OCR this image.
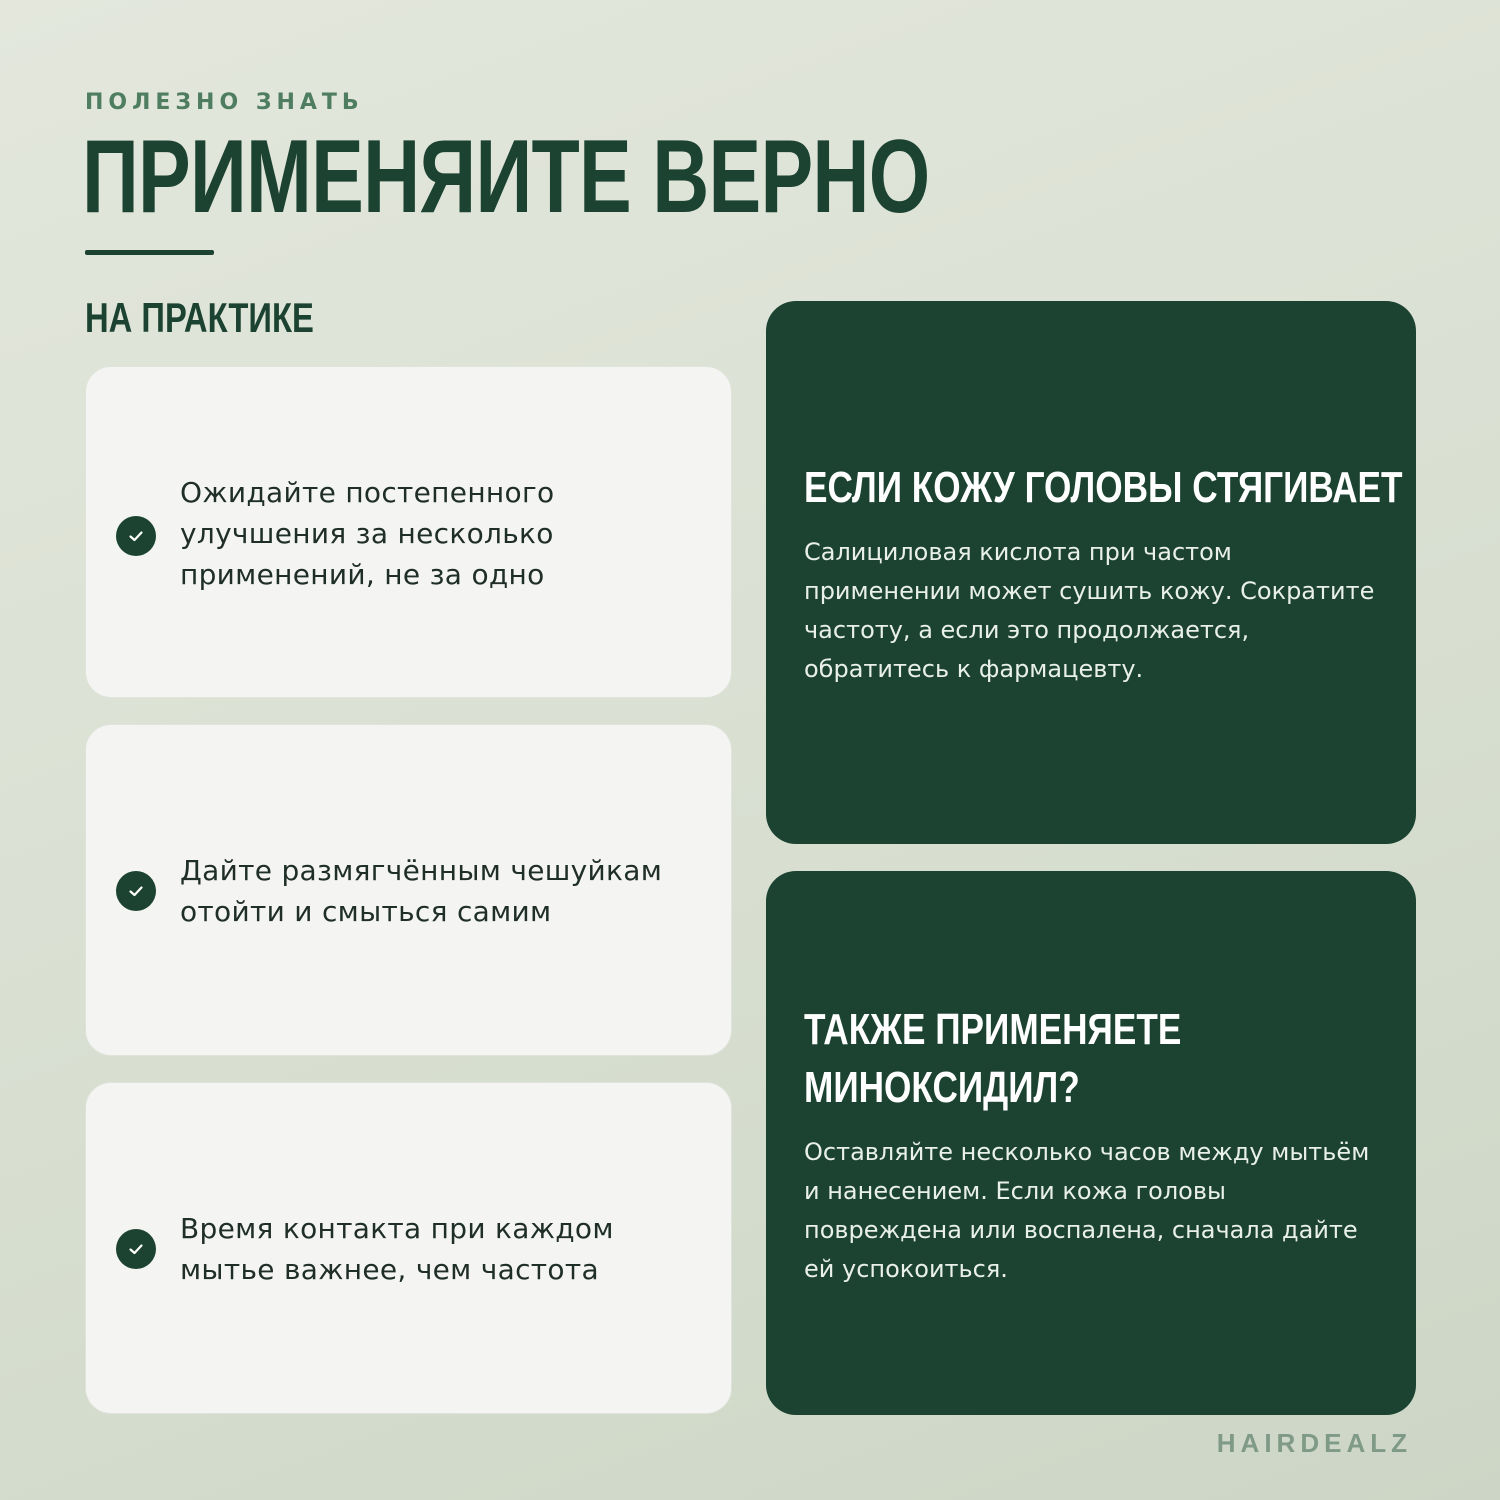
ПОЛЕЗНО ЗНАТЬ
ПРИМЕНЯИТЕ ВЕРНО
НА ПРАКТИКЕ
Ожидайте постепенного улучшения за несколько применений, не за одно
Дайте размягчённым чешуйкам отойти и смыться самим
Время контакта при каждом мытье важнее, чем частота
ЕСЛИ КОЖУ ГОЛОВЫ СТЯГИВАЕТ
Салициловая кислота при частом применении может сушить кожу. Сократите частоту, а если это продолжается, обратитесь к фармацевту.
ТАКЖЕ ПРИМЕНЯЕТЕ МИНОКСИДИЛ?
Оставляйте несколько часов между мытьём и нанесением. Если кожа головы повреждена или воспалена, сначала дайте ей успокоиться.
HAIRDEALZ
